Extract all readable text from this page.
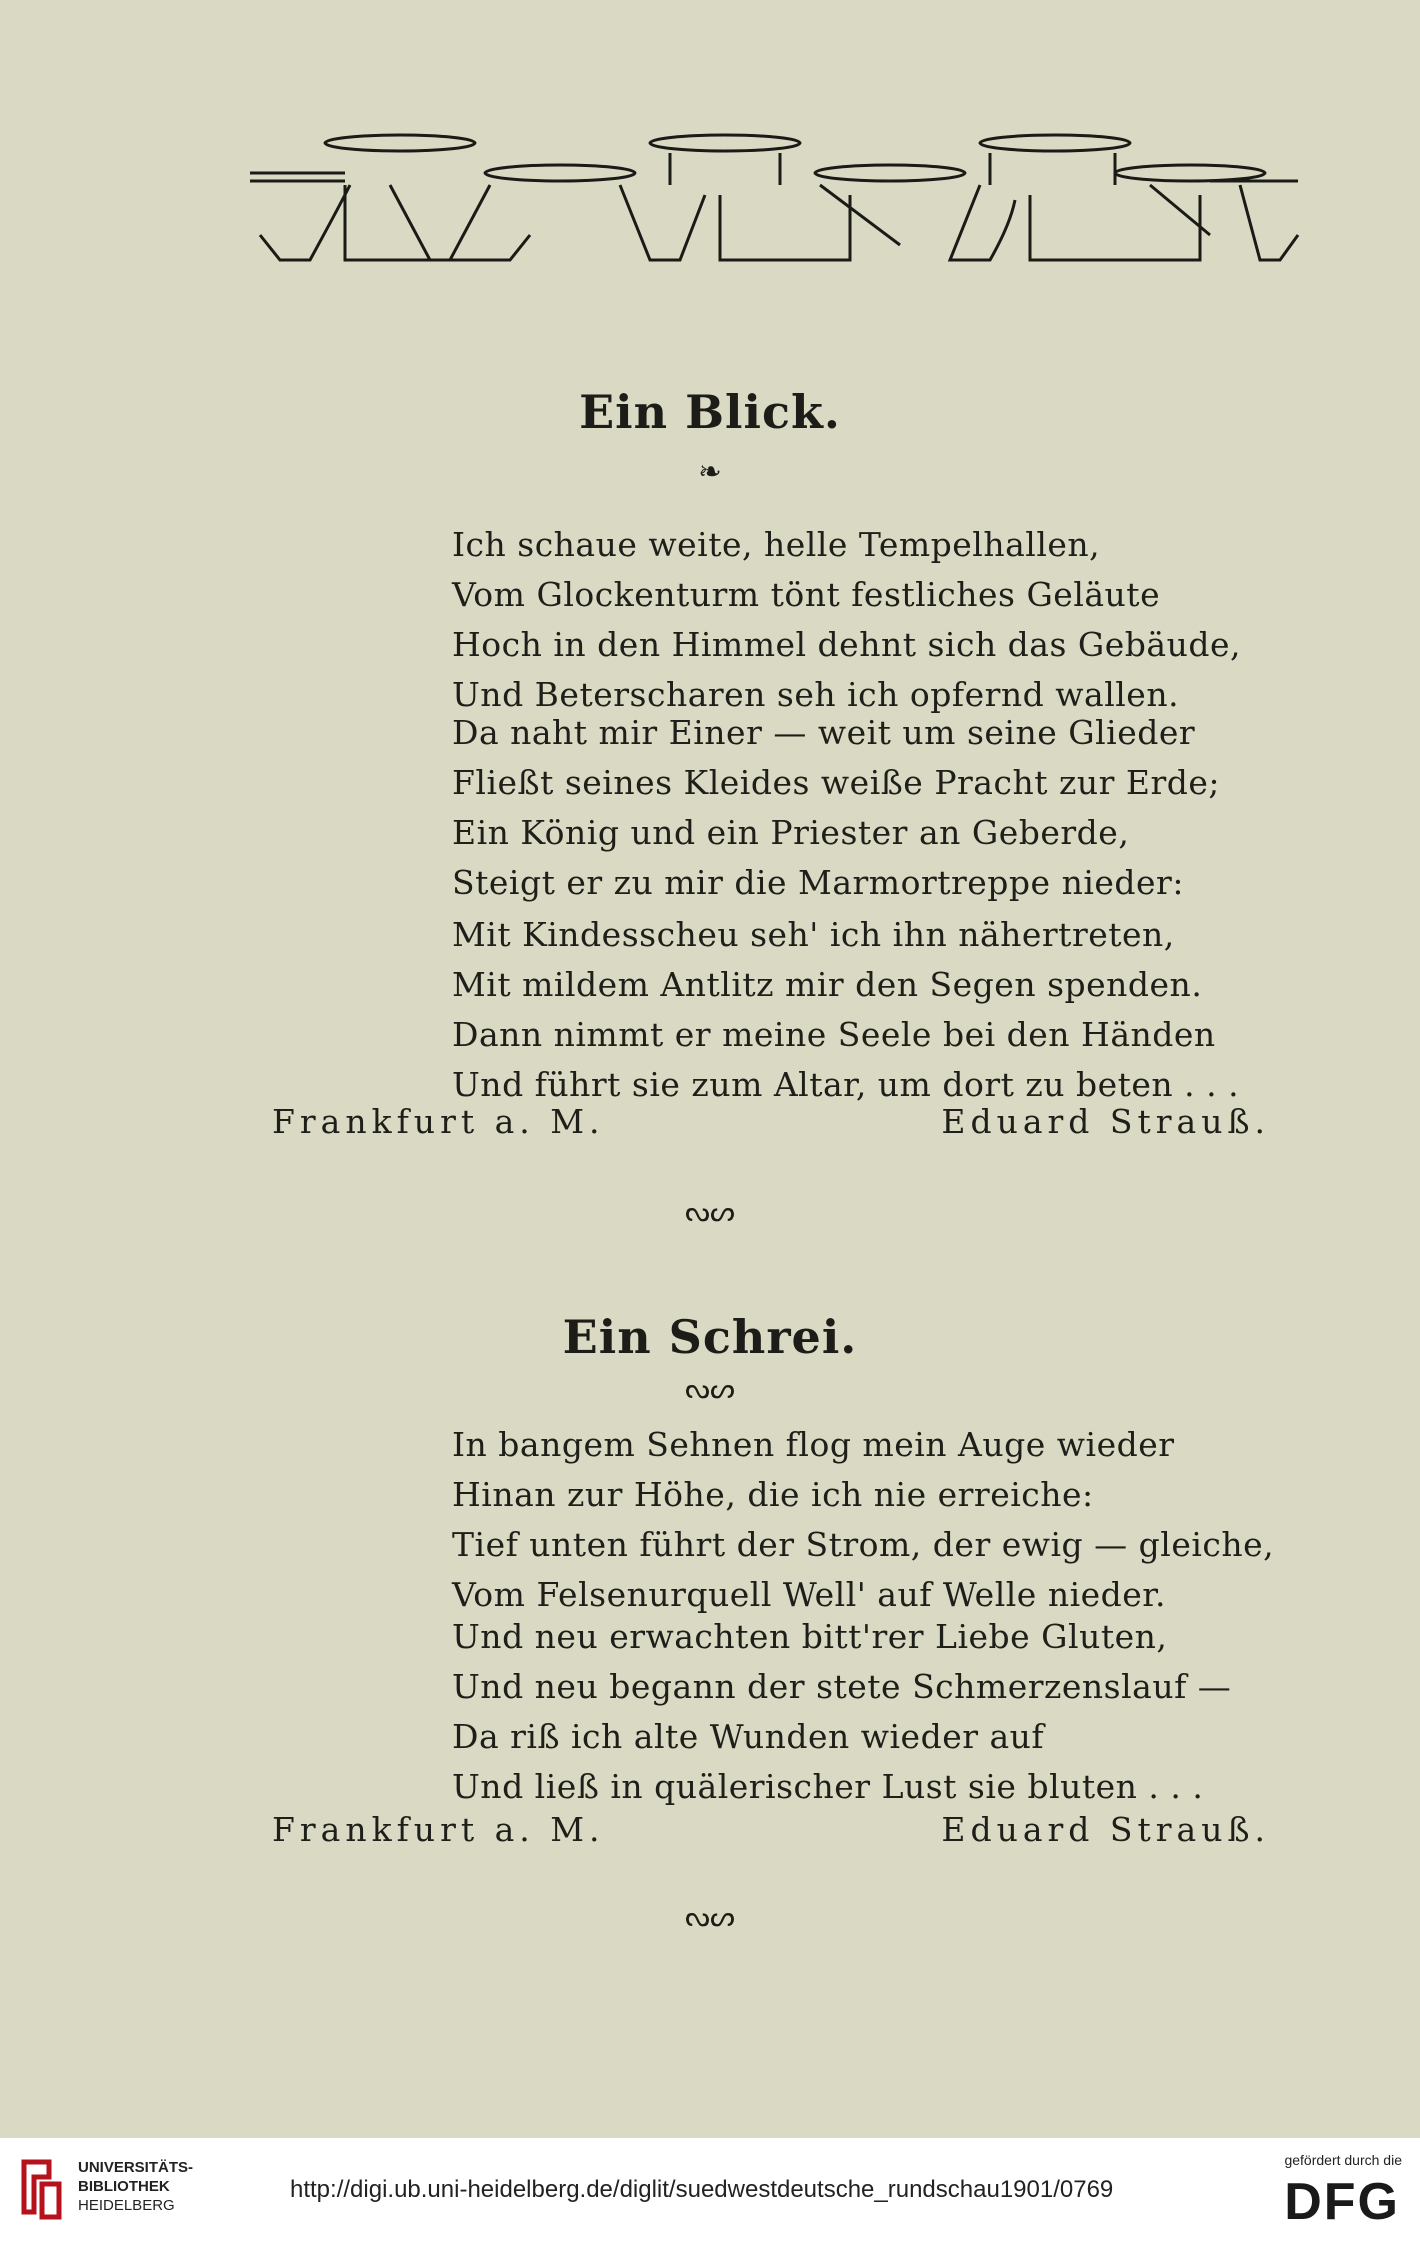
Ein Blick.
❧
Ich schaue weite, helle Tempelhallen,
Vom Glockenturm tönt festliches Geläute
Hoch in den Himmel dehnt sich das Gebäude,
Und Beterscharen seh ich opfernd wallen.
Da naht mir Einer — weit um seine Glieder
Fließt seines Kleides weiße Pracht zur Erde;
Ein König und ein Priester an Geberde,
Steigt er zu mir die Marmortreppe nieder:
Mit Kindesscheu seh' ich ihn nähertreten,
Mit mildem Antlitz mir den Segen spenden.
Dann nimmt er meine Seele bei den Händen
Und führt sie zum Altar, um dort zu beten . . .
Frankfurt a. M.	Eduard Strauß.
ᔓᔕ
Ein Schrei.
ᔓᔕ
In bangem Sehnen flog mein Auge wieder
Hinan zur Höhe, die ich nie erreiche:
Tief unten führt der Strom, der ewig — gleiche,
Vom Felsenurquell Well' auf Welle nieder.
Und neu erwachten bitt'rer Liebe Gluten,
Und neu begann der stete Schmerzenslauf —
Da riß ich alte Wunden wieder auf
Und ließ in quälerischer Lust sie bluten . . .
Frankfurt a. M.	Eduard Strauß.
ᔓᔕ
UNIVERSITÄTS-
BIBLIOTHEK
HEIDELBERG
http://digi.ub.uni-heidelberg.de/diglit/suedwestdeutsche_rundschau1901/0769
gefördert durch die
DFG
